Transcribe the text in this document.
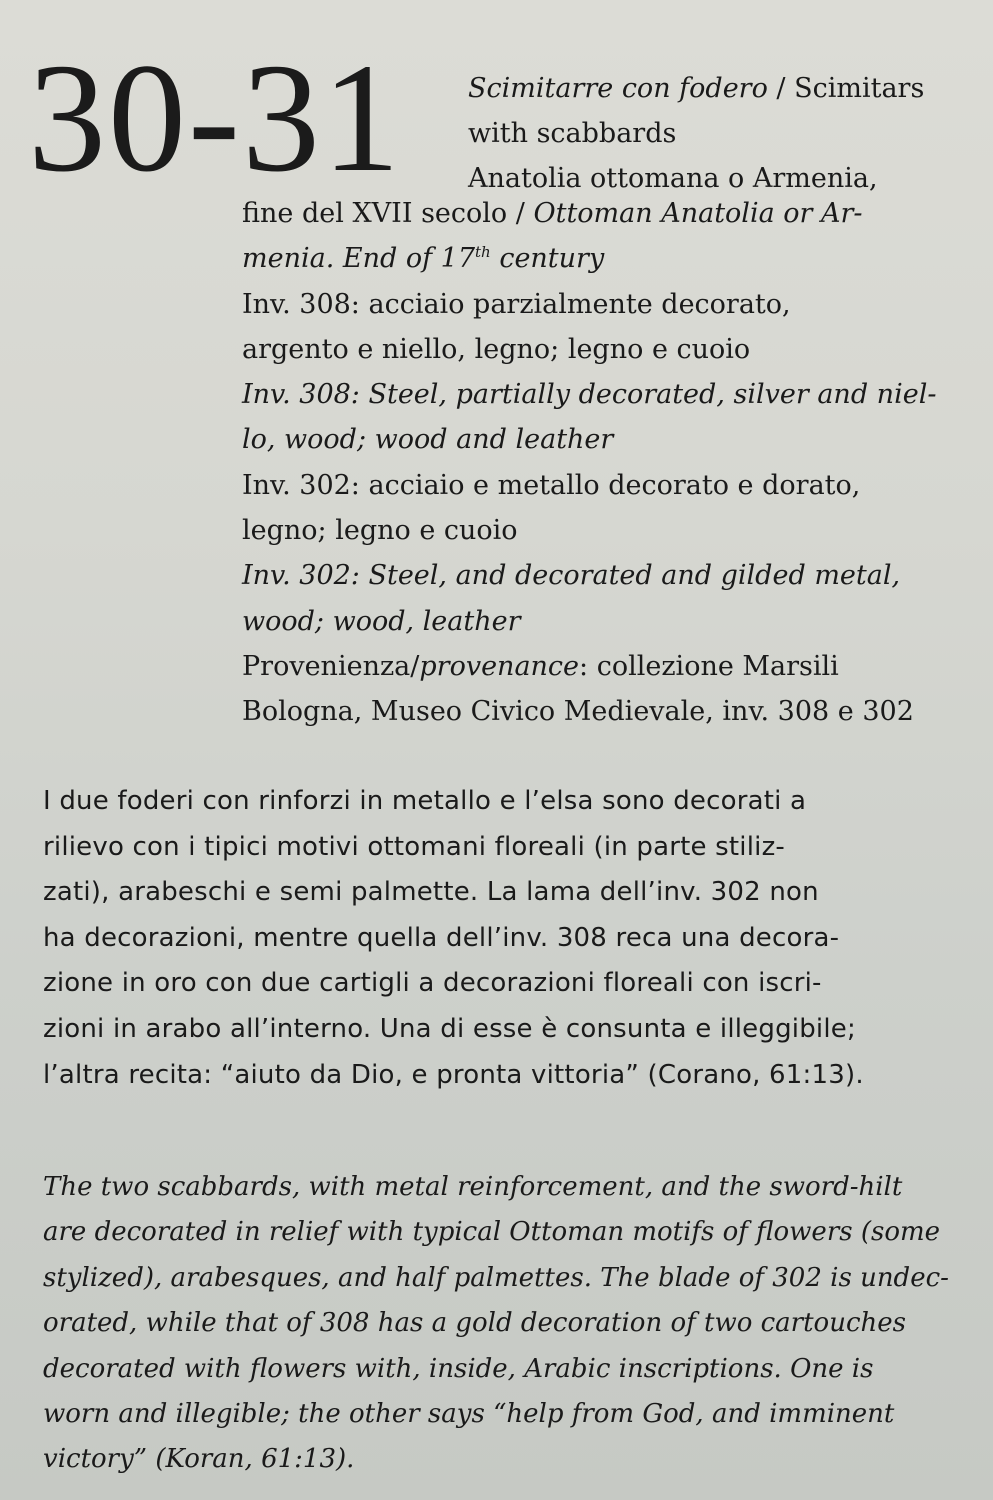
30-31 Scimitarre con fodero / Scimitars
with scabbards
Anatolia ottomana o Armenia,
fine del XVII secolo / Ottoman Anatolia or Ar-
menia. End of 17th century
Inv. 308: acciaio parzialmente decorato,
argento e niello, legno; legno e cuoio
Inv. 308: Steel, partially decorated, silver and niel-
lo, wood; wood and leather
Inv. 302: acciaio e metallo decorato e dorato,
legno; legno e cuoio
Inv. 302: Steel, and decorated and gilded metal,
wood; wood, leather
Provenienza/provenance: collezione Marsili
Bologna, Museo Civico Medievale, inv. 308 e 302
I due foderi con rinforzi in metallo e l’elsa sono decorati a
rilievo con i tipici motivi ottomani floreali (in parte stiliz-
zati), arabeschi e semi palmette. La lama dell’inv. 302 non
ha decorazioni, mentre quella dell’inv. 308 reca una decora-
zione in oro con due cartigli a decorazioni floreali con iscri-
zioni in arabo all’interno. Una di esse è consunta e illeggibile;
l’altra recita: “aiuto da Dio, e pronta vittoria” (Corano, 61:13).
The two scabbards, with metal reinforcement, and the sword-hilt
are decorated in relief with typical Ottoman motifs of flowers (some
stylized), arabesques, and half palmettes. The blade of 302 is undec-
orated, while that of 308 has a gold decoration of two cartouches
decorated with flowers with, inside, Arabic inscriptions. One is
worn and illegible; the other says “help from God, and imminent
victory” (Koran, 61:13).
